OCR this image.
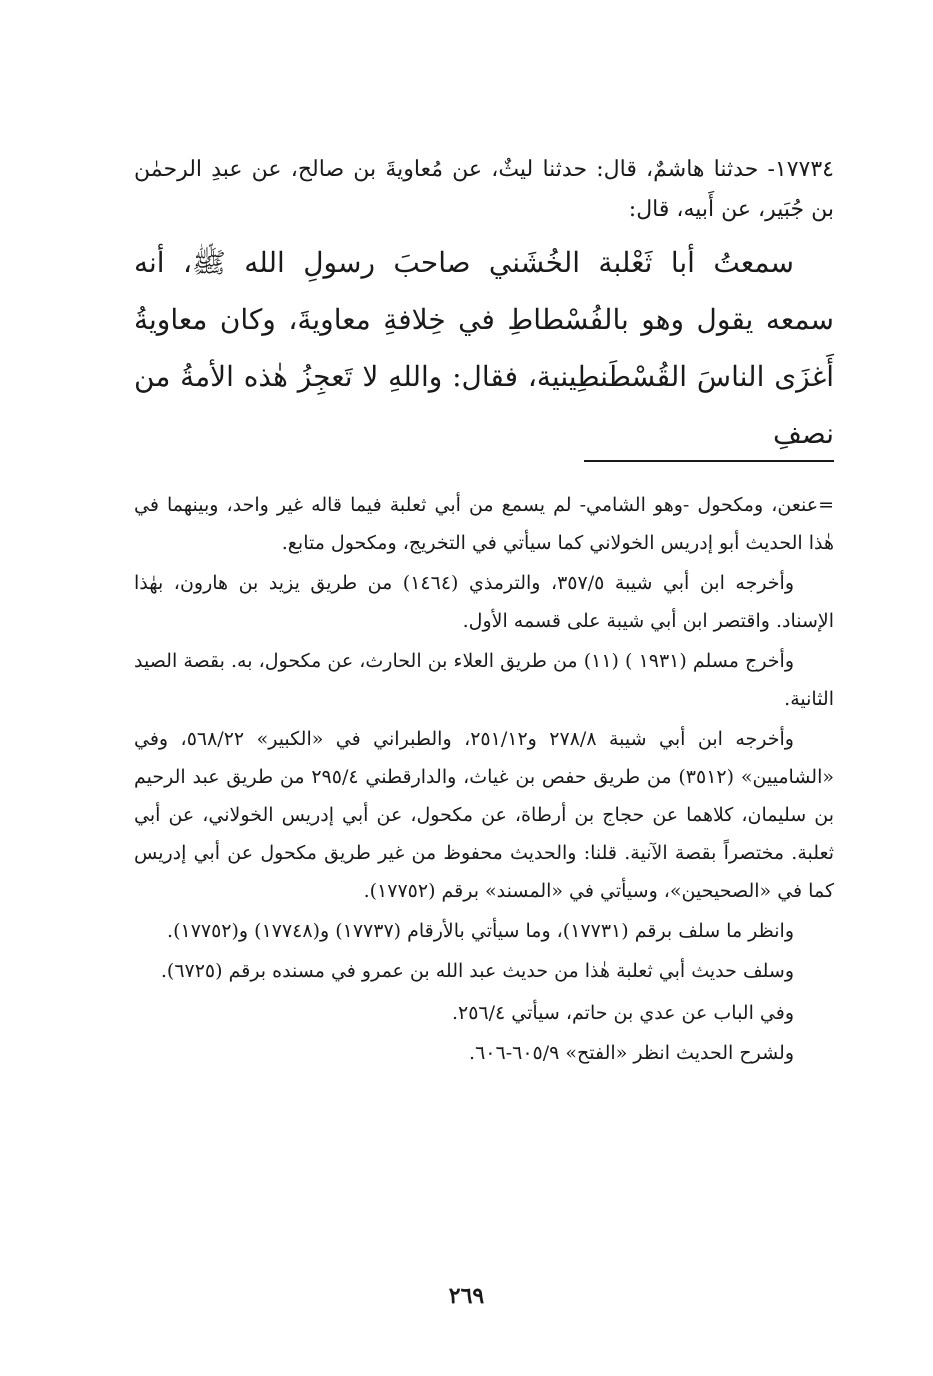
١٧٧٣٤- حدثنا هاشمٌ، قال: حدثنا ليثٌ، عن مُعاويةَ بن صالح، عن عبدِ الرحمٰن بن جُبَير، عن أَبيه، قال:

سمعتُ أبا ثَعْلبة الخُشَني صاحبَ رسولِ الله ﷺ، أنه سمعه يقول وهو بالفُسْطاطِ في خِلافةِ معاويةَ، وكان معاويةُ أَغزَى الناسَ القُسْطَنطِينية، فقال: واللهِ لا تَعجِزُ هٰذه الأمةُ من نصفِ

=عنعن، ومكحول -وهو الشامي- لم يسمع من أبي ثعلبة فيما قاله غير واحد، وبينهما في هٰذا الحديث أبو إدريس الخولاني كما سيأتي في التخريج، ومكحول متابع.

وأخرجه ابن أبي شيبة ٣٥٧/٥، والترمذي (١٤٦٤) من طريق يزيد بن هارون، بهٰذا الإسناد. واقتصر ابن أبي شيبة على قسمه الأول.

وأخرج مسلم (١٩٣١ ) (١١) من طريق العلاء بن الحارث، عن مكحول، به. بقصة الصيد الثانية.

وأخرجه ابن أبي شيبة ٢٧٨/٨ و٢٥١/١٢، والطبراني في «الكبير» ٥٦٨/٢٢، وفي «الشاميين» (٣٥١٢) من طريق حفص بن غياث، والدارقطني ٢٩٥/٤ من طريق عبد الرحيم بن سليمان، كلاهما عن حجاج بن أرطاة، عن مكحول، عن أبي إدريس الخولاني، عن أبي ثعلبة. مختصراً بقصة الآنية. قلنا: والحديث محفوظ من غير طريق مكحول عن أبي إدريس كما في «الصحيحين»، وسيأتي في «المسند» برقم (١٧٧٥٢).

وانظر ما سلف برقم (١٧٧٣١)، وما سيأتي بالأرقام (١٧٧٣٧) و(١٧٧٤٨) و(١٧٧٥٢).

وسلف حديث أبي ثعلبة هٰذا من حديث عبد الله بن عمرو في مسنده برقم (٦٧٢٥).

وفي الباب عن عدي بن حاتم، سيأتي ٢٥٦/٤.

ولشرح الحديث انظر «الفتح» ٦٠٥/٩-٦٠٦.

٢٦٩
